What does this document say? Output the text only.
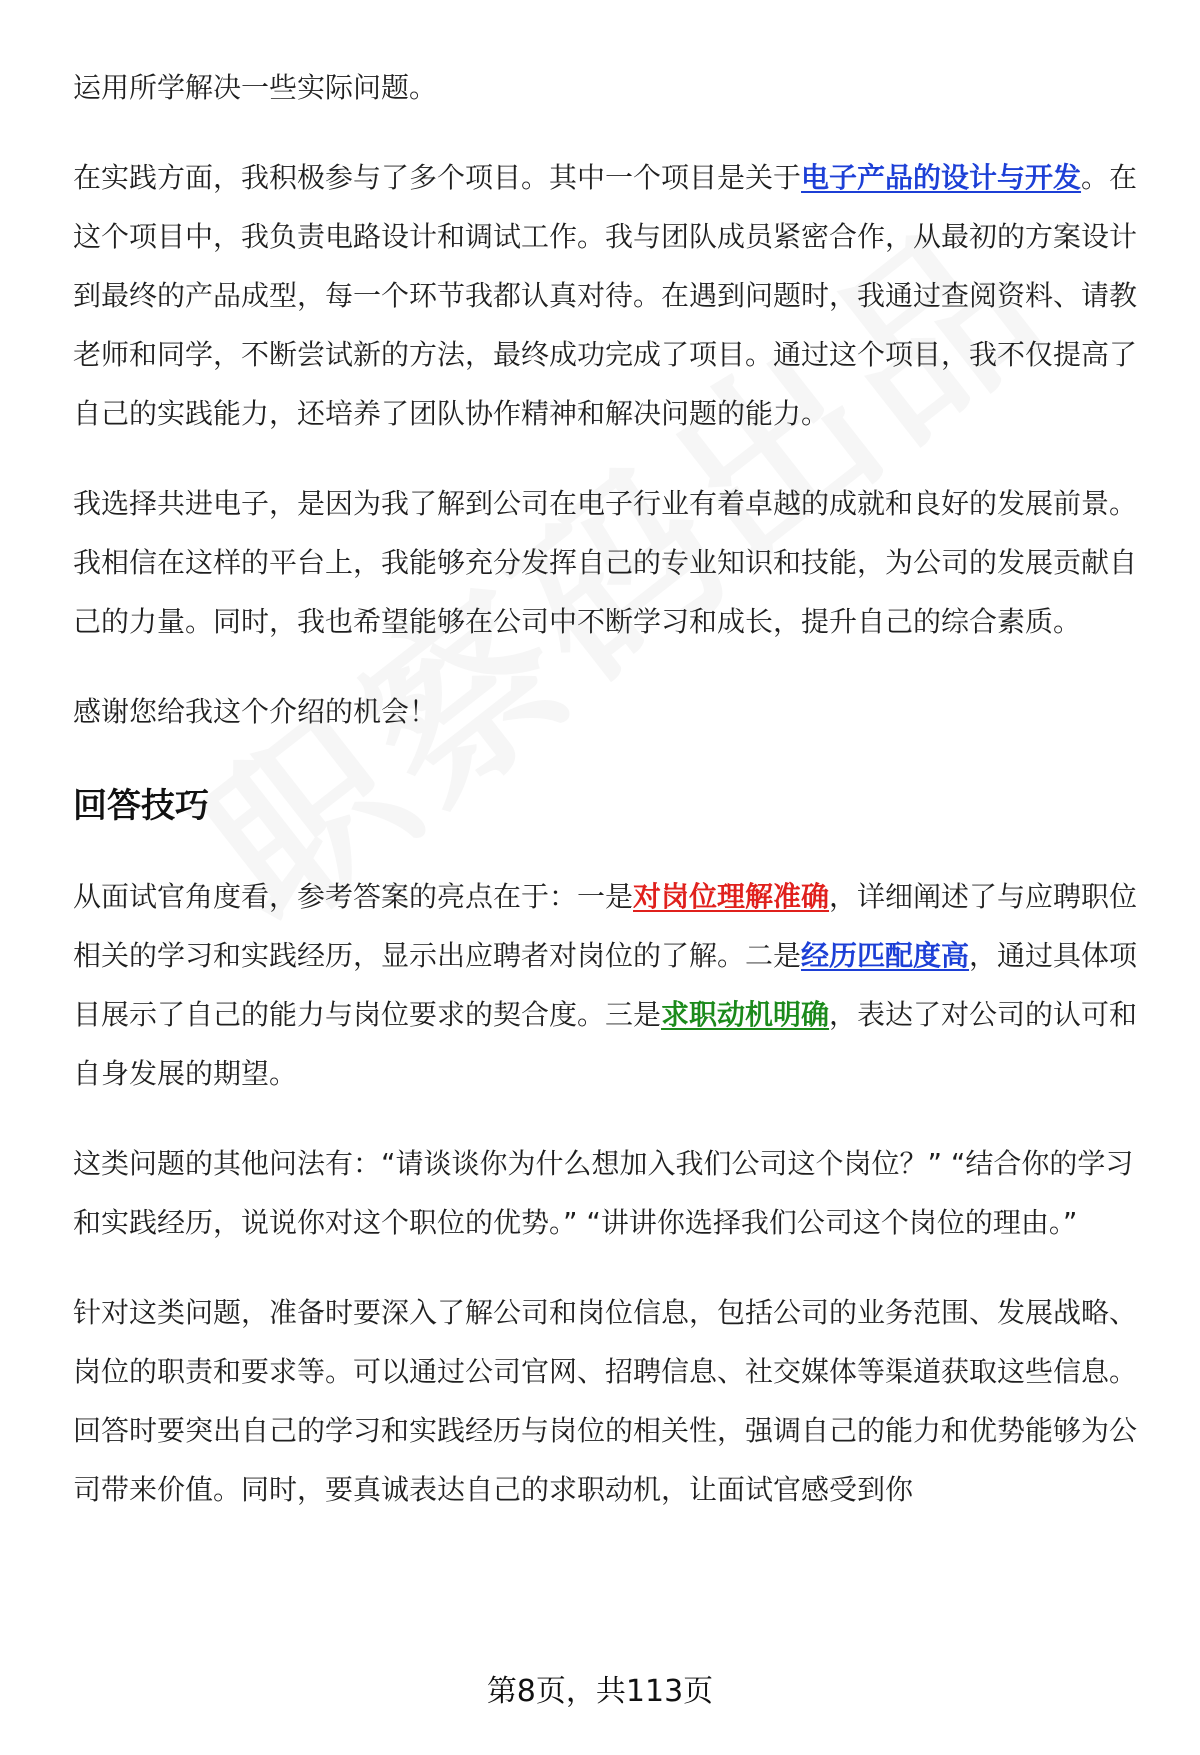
运用所学解决一些实际问题。

在实践方面，我积极参与了多个项目。其中一个项目是关于电子产品的设计与开发。在这个项目中，我负责电路设计和调试工作。我与团队成员紧密合作，从最初的方案设计到最终的产品成型，每一个环节我都认真对待。在遇到问题时，我通过查阅资料、请教老师和同学，不断尝试新的方法，最终成功完成了项目。通过这个项目，我不仅提高了自己的实践能力，还培养了团队协作精神和解决问题的能力。

我选择共进电子，是因为我了解到公司在电子行业有着卓越的成就和良好的发展前景。我相信在这样的平台上，我能够充分发挥自己的专业知识和技能，为公司的发展贡献自己的力量。同时，我也希望能够在公司中不断学习和成长，提升自己的综合素质。

感谢您给我这个介绍的机会！

回答技巧

从面试官角度看，参考答案的亮点在于：一是对岗位理解准确，详细阐述了与应聘职位相关的学习和实践经历，显示出应聘者对岗位的了解。二是经历匹配度高，通过具体项目展示了自己的能力与岗位要求的契合度。三是求职动机明确，表达了对公司的认可和自身发展的期望。

这类问题的其他问法有：“请谈谈你为什么想加入我们公司这个岗位？” “结合你的学习和实践经历，说说你对这个职位的优势。” “讲讲你选择我们公司这个岗位的理由。”

针对这类问题，准备时要深入了解公司和岗位信息，包括公司的业务范围、发展战略、岗位的职责和要求等。可以通过公司官网、招聘信息、社交媒体等渠道获取这些信息。回答时要突出自己的学习和实践经历与岗位的相关性，强调自己的能力和优势能够为公司带来价值。同时，要真诚表达自己的求职动机，让面试官感受到你

第8页，共113页
